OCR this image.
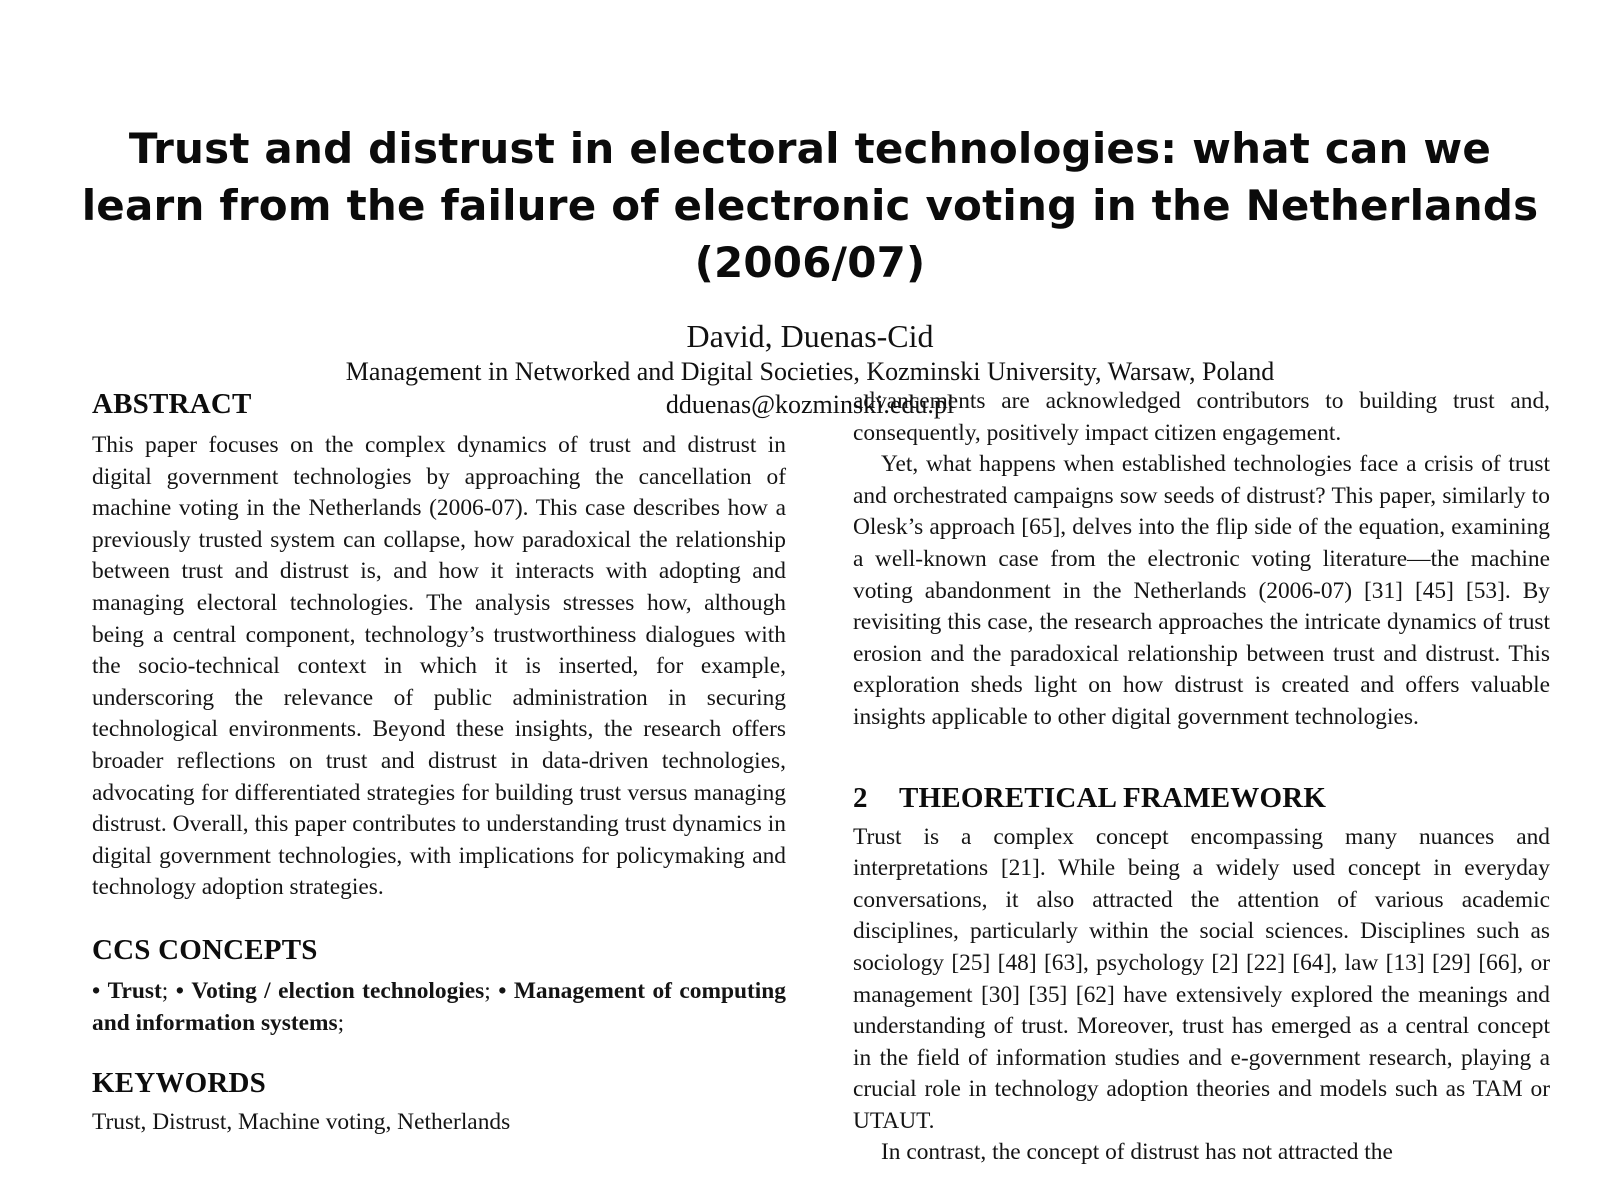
Trust and distrust in electoral technologies: what can we learn from the failure of electronic voting in the Netherlands (2006/07)
David, Duenas-Cid
Management in Networked and Digital Societies, Kozminski University, Warsaw, Poland
dduenas@kozminski.edu.pl
ABSTRACT

This paper focuses on the complex dynamics of trust and distrust in digital government technologies by approaching the cancellation of machine voting in the Netherlands (2006-07). This case describes how a previously trusted system can collapse, how paradoxical the relationship between trust and distrust is, and how it interacts with adopting and managing electoral technologies. The analysis stresses how, although being a central component, technology’s trustworthiness dialogues with the socio-technical context in which it is inserted, for example, underscoring the relevance of public administration in securing technological environments. Beyond these insights, the research offers broader reflections on trust and distrust in data-driven technologies, advocating for differentiated strategies for building trust versus managing distrust. Overall, this paper contributes to understanding trust dynamics in digital government technologies, with implications for policymaking and technology adoption strategies.

CCS CONCEPTS

• Trust; • Voting / election technologies; • Management of computing and information systems;

KEYWORDS

Trust, Distrust, Machine voting, Netherlands

advancements are acknowledged contributors to building trust and, consequently, positively impact citizen engagement.

Yet, what happens when established technologies face a crisis of trust and orchestrated campaigns sow seeds of distrust? This paper, similarly to Olesk’s approach [65], delves into the flip side of the equation, examining a well-known case from the electronic voting literature—the machine voting abandonment in the Netherlands (2006-07) [31] [45] [53]. By revisiting this case, the research approaches the intricate dynamics of trust erosion and the paradoxical relationship between trust and distrust. This exploration sheds light on how distrust is created and offers valuable insights applicable to other digital government technologies.

2 THEORETICAL FRAMEWORK

Trust is a complex concept encompassing many nuances and interpretations [21]. While being a widely used concept in everyday conversations, it also attracted the attention of various academic disciplines, particularly within the social sciences. Disciplines such as sociology [25] [48] [63], psychology [2] [22] [64], law [13] [29] [66], or management [30] [35] [62] have extensively explored the meanings and understanding of trust. Moreover, trust has emerged as a central concept in the field of information studies and e-government research, playing a crucial role in technology adoption theories and models such as TAM or UTAUT.

In contrast, the concept of distrust has not attracted the
